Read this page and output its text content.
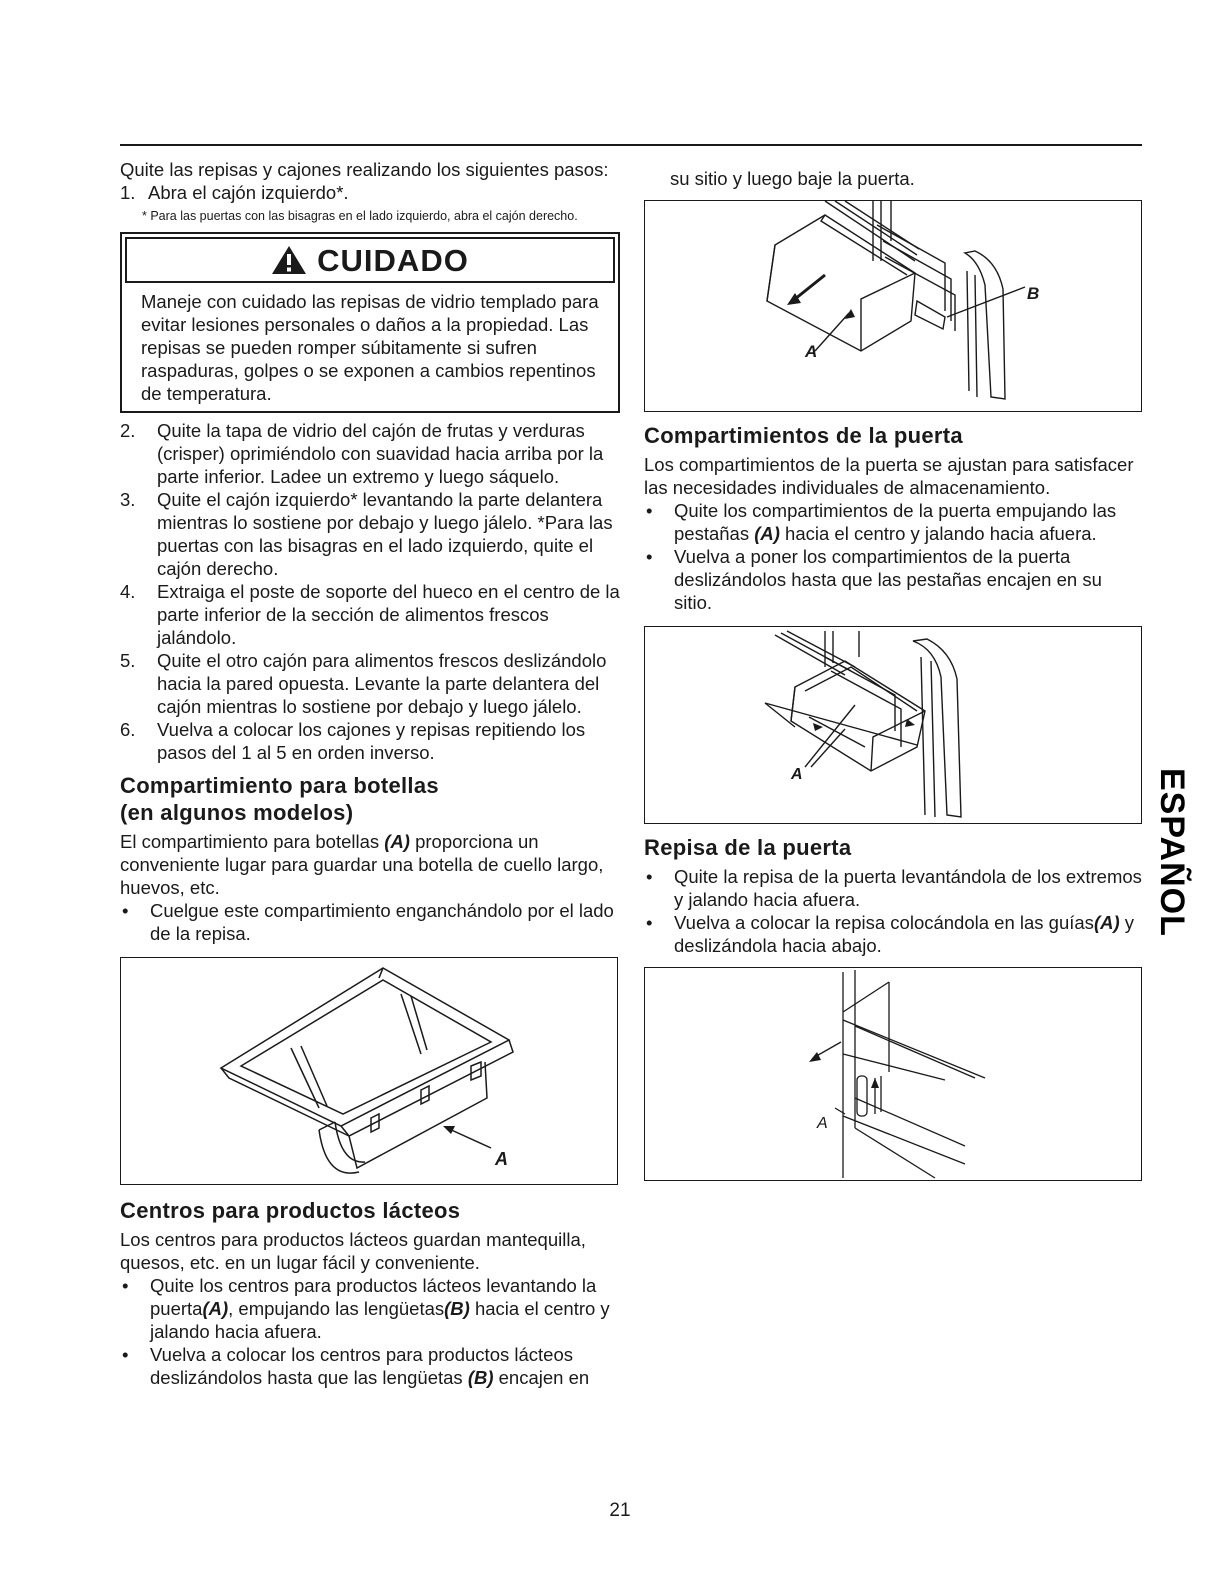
Quite las repisas y cajones realizando los siguientes pasos:

1. Abra el cajón izquierdo*.

* Para las puertas con las bisagras en el lado izquierdo, abra el cajón derecho.

CUIDADO

Maneje con cuidado las repisas de vidrio templado para evitar lesiones personales o daños a la propiedad. Las repisas se pueden romper súbitamente si sufren raspaduras, golpes o se exponen a cambios repentinos de temperatura.

2.	Quite la tapa de vidrio del cajón de frutas y verduras (crisper) oprimiéndolo con suavidad hacia arriba por la parte inferior. Ladee un extremo y luego sáquelo.
3.	Quite el cajón izquierdo* levantando la parte delantera mientras lo sostiene por debajo y luego jálelo. *Para las puertas con las bisagras en el lado izquierdo, quite el cajón derecho.
4.	Extraiga el poste de soporte del hueco en el centro de la parte inferior de la sección de alimentos frescos jalándolo.
5.	Quite el otro cajón para alimentos frescos deslizándolo hacia la pared opuesta. Levante la parte delantera del cajón mientras lo sostiene por debajo y luego jálelo.
6.	Vuelva a colocar los cajones y repisas repitiendo los pasos del 1 al 5 en orden inverso.
Compartimiento para botellas
(en algunos modelos)

El compartimiento para botellas (A) proporciona un conveniente lugar para guardar una botella de cuello largo, huevos, etc.

•	Cuelgue este compartimiento enganchándolo por el lado de la repisa.
A
Centros para productos lácteos

Los centros para productos lácteos guardan mantequilla, quesos, etc. en un lugar fácil y conveniente.

•	Quite los centros para productos lácteos levantando la puerta(A), empujando las lengüetas(B) hacia el centro y jalando hacia afuera.
•	Vuelva a colocar los centros para productos lácteos deslizándolos hasta que las lengüetas (B) encajen en

su sitio y luego baje la puerta.

B
A
Compartimientos de la puerta

Los compartimientos de la puerta se ajustan para satisfacer las necesidades individuales de almacenamiento.

•	Quite los compartimientos de la puerta empujando las pestañas (A) hacia el centro y jalando hacia afuera.
•	Vuelva a poner los compartimientos de la puerta deslizándolos hasta que las pestañas encajen en su sitio.
A
Repisa de la puerta
•	Quite la repisa de la puerta levantándola de los extremos y jalando hacia afuera.
•	Vuelva a colocar la repisa colocándola en las guías(A) y deslizándola hacia abajo.
A
21
ESPAÑOL
